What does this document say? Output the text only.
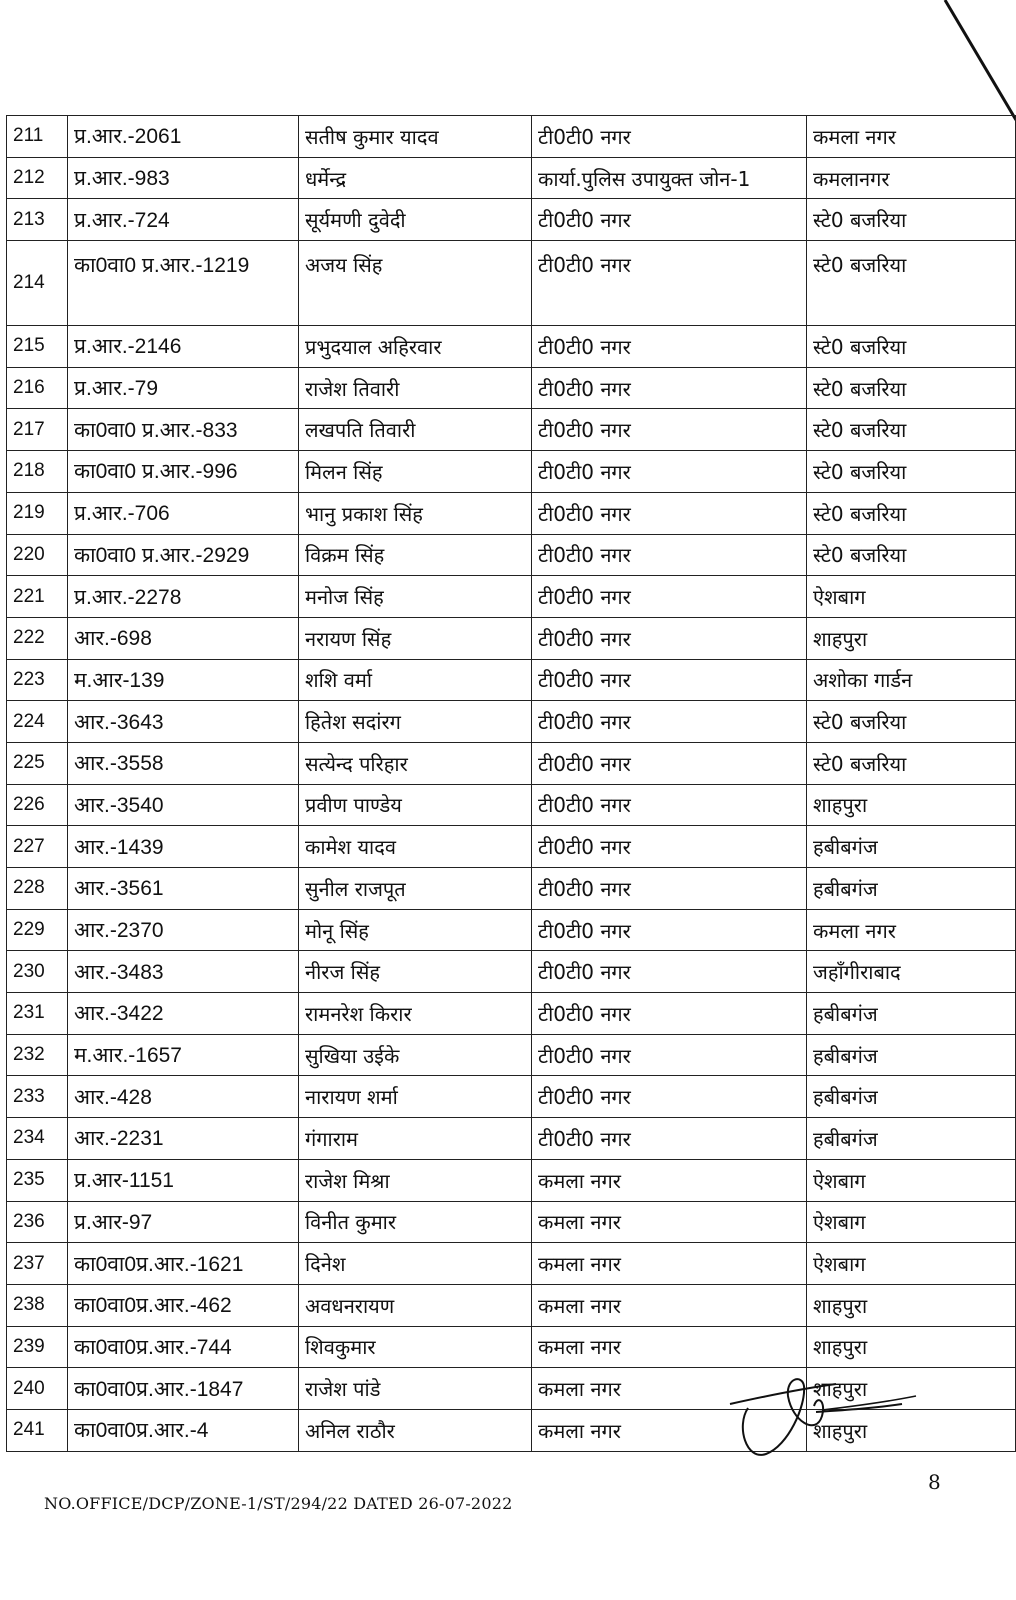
211	प्र.आर.-2061	सतीष कुमार यादव	टी0टी0 नगर	कमला नगर
212	प्र.आर.-983	धर्मेन्द्र	कार्या.पुलिस उपायुक्त जोन-1	कमलानगर
213	प्र.आर.-724	सूर्यमणी दुवेदी	टी0टी0 नगर	स्टे0 बजरिया
214	का0वा0 प्र.आर.-1219	अजय सिंह	टी0टी0 नगर	स्टे0 बजरिया
215	प्र.आर.-2146	प्रभुदयाल अहिरवार	टी0टी0 नगर	स्टे0 बजरिया
216	प्र.आर.-79	राजेश तिवारी	टी0टी0 नगर	स्टे0 बजरिया
217	का0वा0 प्र.आर.-833	लखपति तिवारी	टी0टी0 नगर	स्टे0 बजरिया
218	का0वा0 प्र.आर.-996	मिलन सिंह	टी0टी0 नगर	स्टे0 बजरिया
219	प्र.आर.-706	भानु प्रकाश सिंह	टी0टी0 नगर	स्टे0 बजरिया
220	का0वा0 प्र.आर.-2929	विक्रम सिंह	टी0टी0 नगर	स्टे0 बजरिया
221	प्र.आर.-2278	मनोज सिंह	टी0टी0 नगर	ऐशबाग
222	आर.-698	नरायण सिंह	टी0टी0 नगर	शाहपुरा
223	म.आर-139	शशि वर्मा	टी0टी0 नगर	अशोका गार्डन
224	आर.-3643	हितेश सदांरग	टी0टी0 नगर	स्टे0 बजरिया
225	आर.-3558	सत्येन्द परिहार	टी0टी0 नगर	स्टे0 बजरिया
226	आर.-3540	प्रवीण पाण्डेय	टी0टी0 नगर	शाहपुरा
227	आर.-1439	कामेश यादव	टी0टी0 नगर	हबीबगंज
228	आर.-3561	सुनील राजपूत	टी0टी0 नगर	हबीबगंज
229	आर.-2370	मोनू सिंह	टी0टी0 नगर	कमला नगर
230	आर.-3483	नीरज सिंह	टी0टी0 नगर	जहाँगीराबाद
231	आर.-3422	रामनरेश किरार	टी0टी0 नगर	हबीबगंज
232	म.आर.-1657	सुखिया उईके	टी0टी0 नगर	हबीबगंज
233	आर.-428	नारायण शर्मा	टी0टी0 नगर	हबीबगंज
234	आर.-2231	गंगाराम	टी0टी0 नगर	हबीबगंज
235	प्र.आर-1151	राजेश मिश्रा	कमला नगर	ऐशबाग
236	प्र.आर-97	विनीत कुमार	कमला नगर	ऐशबाग
237	का0वा0प्र.आर.-1621	दिनेश	कमला नगर	ऐशबाग
238	का0वा0प्र.आर.-462	अवधनरायण	कमला नगर	शाहपुरा
239	का0वा0प्र.आर.-744	शिवकुमार	कमला नगर	शाहपुरा
240	का0वा0प्र.आर.-1847	राजेश पांडे	कमला नगर	शाहपुरा
241	का0वा0प्र.आर.-4	अनिल राठौर	कमला नगर	शाहपुरा
8
NO.OFFICE/DCP/ZONE-1/ST/294/22 DATED 26-07-2022
